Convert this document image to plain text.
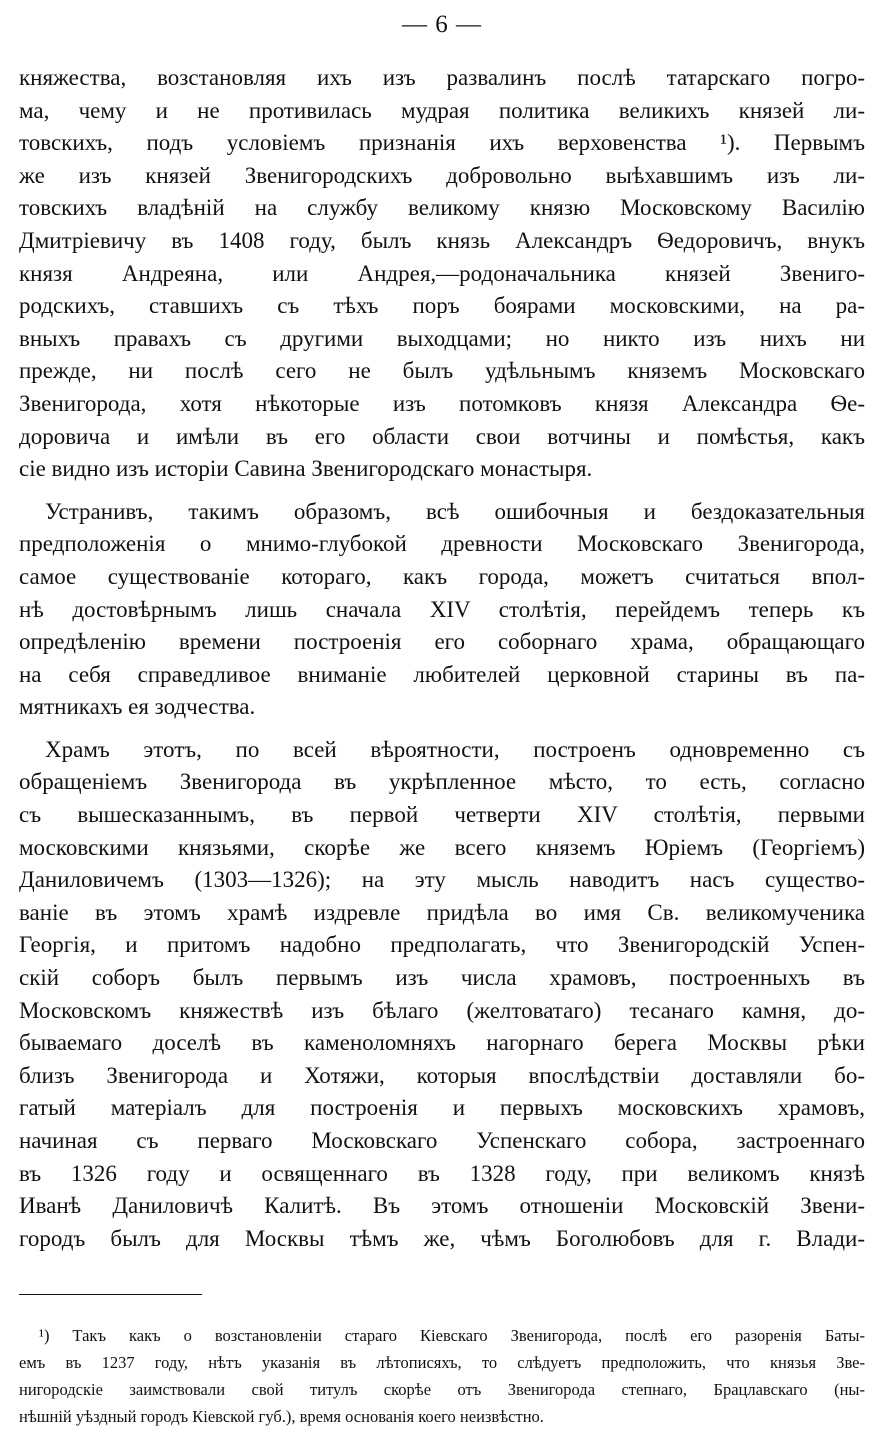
— 6 —
княжества, возстановляя ихъ изъ развалинъ послѣ татарскаго погро-
ма, чему и не противилась мудрая политика великихъ князей ли-
товскихъ, подъ условіемъ признанія ихъ верховенства ¹). Первымъ
же изъ князей Звенигородскихъ добровольно выѣхавшимъ изъ ли-
товскихъ владѣній на службу великому князю Московскому Василію
Дмитріевичу въ 1408 году, былъ князь Александръ Ѳедоровичъ, внукъ
князя Андреяна, или Андрея,—родоначальника князей Звениго-
родскихъ, ставшихъ съ тѣхъ поръ боярами московскими, на ра-
вныхъ правахъ съ другими выходцами; но никто изъ нихъ ни
прежде, ни послѣ сего не былъ удѣльнымъ княземъ Московскаго
Звенигорода, хотя нѣкоторые изъ потомковъ князя Александра Ѳе-
доровича и имѣли въ его области свои вотчины и помѣстья, какъ
сіе видно изъ исторіи Савина Звенигородскаго монастыря.
Устранивъ, такимъ образомъ, всѣ ошибочныя и бездоказательныя
предположенія о мнимо-глубокой древности Московскаго Звенигорода,
самое существованіе котораго, какъ города, можетъ считаться впол-
нѣ достовѣрнымъ лишь сначала XIV столѣтія, перейдемъ теперь къ
опредѣленію времени построенія его соборнаго храма, обращающаго
на себя справедливое вниманіе любителей церковной старины въ па-
мятникахъ ея зодчества.
Храмъ этотъ, по всей вѣроятности, построенъ одновременно съ
обращеніемъ Звенигорода въ укрѣпленное мѣсто, то есть, согласно
съ вышесказаннымъ, въ первой четверти XIV столѣтія, первыми
московскими князьями, скорѣе же всего княземъ Юріемъ (Георгіемъ)
Даниловичемъ (1303—1326); на эту мысль наводитъ насъ существо-
ваніе въ этомъ храмѣ издревле придѣла во имя Св. великомученика
Георгія, и притомъ надобно предполагать, что Звенигородскій Успен-
скій соборъ былъ первымъ изъ числа храмовъ, построенныхъ въ
Московскомъ княжествѣ изъ бѣлаго (желтоватаго) тесанаго камня, до-
бываемаго доселѣ въ каменоломняхъ нагорнаго берега Москвы рѣки
близъ Звенигорода и Хотяжи, которыя впослѣдствіи доставляли бо-
гатый матеріалъ для построенія и первыхъ московскихъ храмовъ,
начиная съ перваго Московскаго Успенскаго собора, застроеннаго
въ 1326 году и освященнаго въ 1328 году, при великомъ князѣ
Иванѣ Даниловичѣ Калитѣ. Въ этомъ отношеніи Московскій Звени-
городъ былъ для Москвы тѣмъ же, чѣмъ Боголюбовъ для г. Влади-
¹) Такъ какъ о возстановленіи стараго Кіевскаго Звенигорода, послѣ его разоренія Баты-
емъ въ 1237 году, нѣтъ указанія въ лѣтописяхъ, то слѣдуетъ предположить, что князья Зве-
нигородскіе заимствовали свой титулъ скорѣе отъ Звенигорода степнаго, Брацлавскаго (ны-
нѣшній уѣздный городъ Кіевской губ.), время основанія коего неизвѣстно.
